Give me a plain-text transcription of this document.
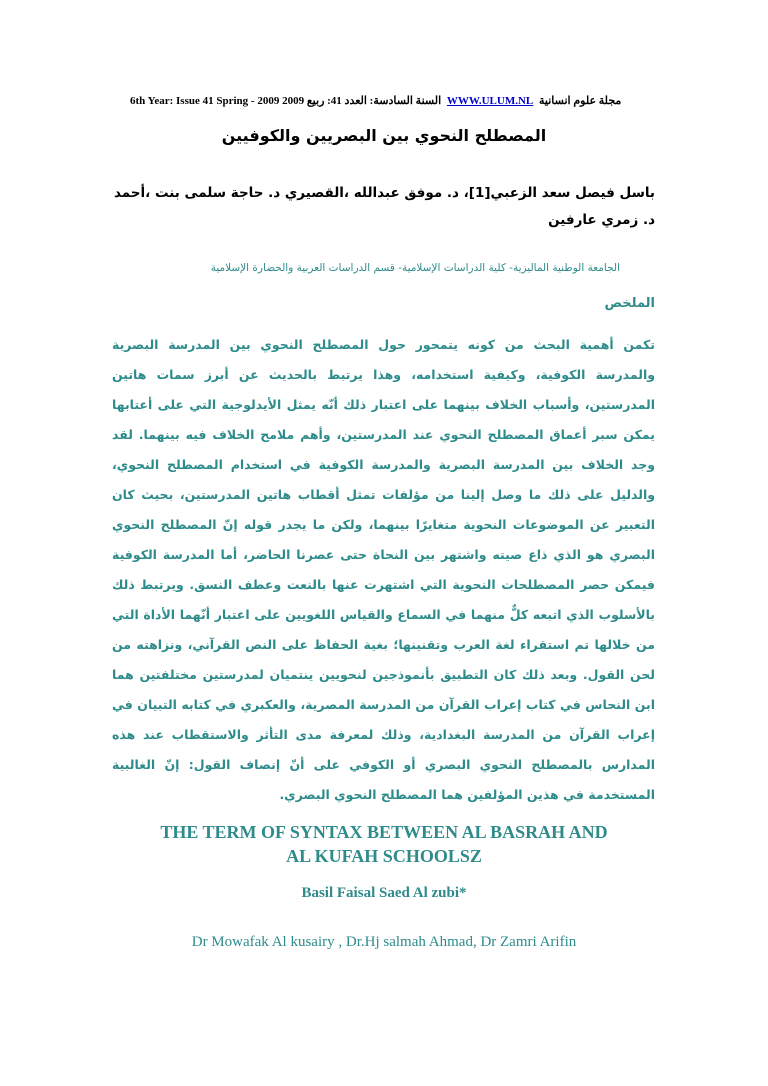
6th Year: Issue 41 Spring - 2009 السنة السادسة: العدد 41: ربيع 2009 WWW.ULUM.NL مجلة علوم انسانية
المصطلح النحوي بين البصريين والكوفيين
باسل فيصل سعد الزعبي[1]، د. موفق عبدالله ،القصيري د. حاجة سلمى بنت ،أحمد د. زمري عارفين
الجامعة الوطنية الماليزية- كلية الدراسات الإسلامية- قسم الدراسات العربية والحضارة الإسلامية
الملخص
تكمن أهمية البحث من كونه يتمحور حول المصطلح النحوي بين المدرسة البصرية والمدرسة الكوفية، وكيفية استخدامه، وهذا يرتبط بالحديث عن أبرز سمات هاتين المدرستين، وأسباب الخلاف بينهما على اعتبار ذلك أنّه يمثل الأيدلوجية التي على أعتابها يمكن سبر أعماق المصطلح النحوي عند المدرستين، وأهم ملامح الخلاف فيه بينهما. لقد وجد الخلاف بين المدرسة البصرية والمدرسة الكوفية في استخدام المصطلح النحوي، والدليل على ذلك ما وصل إلينا من مؤلفات تمثل أقطاب هاتين المدرستين، بحيث كان التعبير عن الموضوعات النحوية متغايرًا بينهما، ولكن ما يجدر قوله إنّ المصطلح النحوي البصري هو الذي ذاع صيته واشتهر بين النحاة حتى عصرنا الحاضر، أما المدرسة الكوفية فيمكن حصر المصطلحات النحوية التي اشتهرت عنها بالنعت وعطف النسق. ويرتبط ذلك بالأسلوب الذي اتبعه كلٌّ منهما في السماع والقياس اللغويين على اعتبار أنّهما الأداة التي من خلالها تم استقراء لغة العرب وتقنينها؛ بغية الحفاظ على النص القرآني، ونزاهته من لحن القول. وبعد ذلك كان التطبيق بأنموذجين لنحويين ينتميان لمدرستين مختلفتين هما ابن النحاس في كتاب إعراب القرآن من المدرسة المصرية، والعكبري في كتابه التبيان في إعراب القرآن من المدرسة البغدادية، وذلك لمعرفة مدى التأثر والاستقطاب عند هذه المدارس بالمصطلح النحوي البصري أو الكوفي على أنّ إنصاف القول: إنّ الغالبية المستخدمة في هذين المؤلفين هما المصطلح النحوي البصري.
THE TERM OF SYNTAX BETWEEN AL BASRAH AND
AL KUFAH SCHOOLSZ
Basil Faisal Saed Al zubi*
Dr Mowafak Al kusairy , Dr.Hj salmah Ahmad, Dr Zamri Arifin
